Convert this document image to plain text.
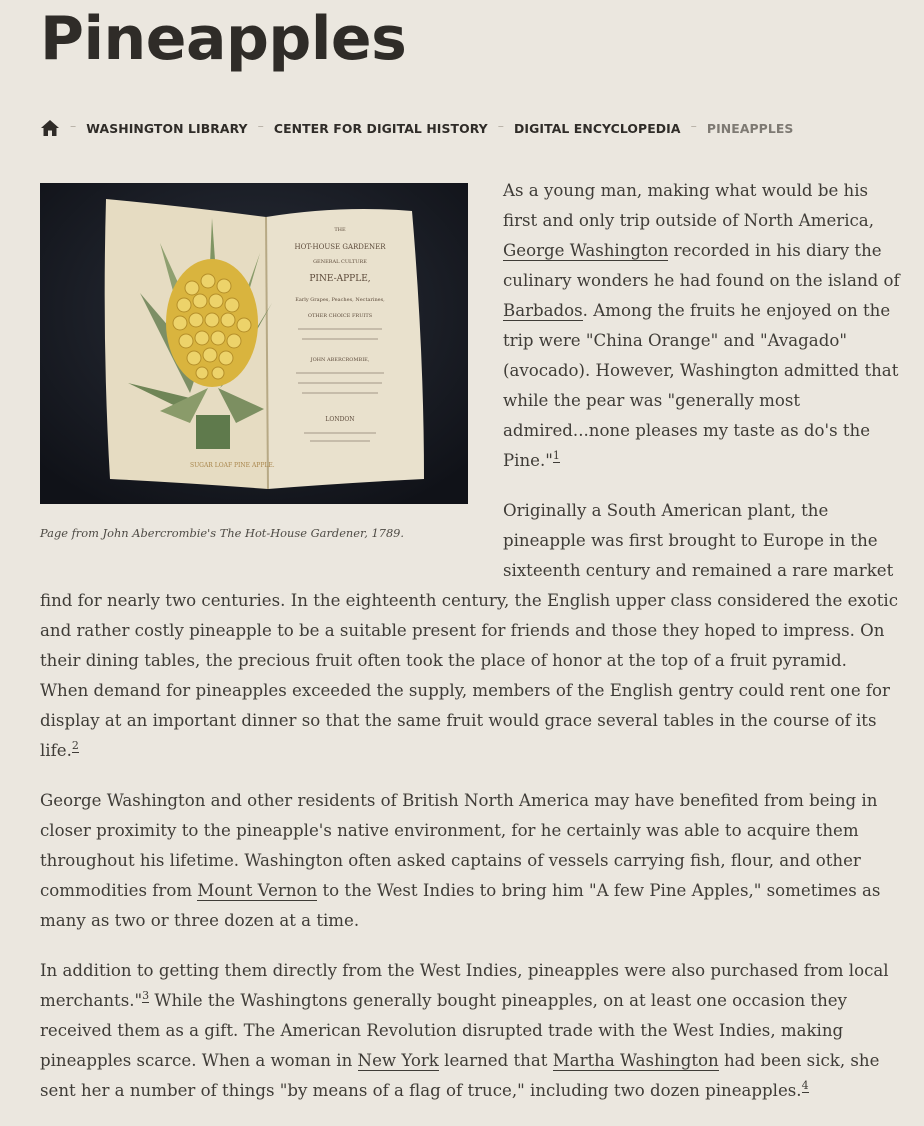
Pineapples
– WASHINGTON LIBRARY – CENTER FOR DIGITAL HISTORY – DIGITAL ENCYCLOPEDIA – PINEAPPLES
SUGAR LOAF PINE APPLE.
THE
HOT-HOUSE GARDENER
GENERAL CULTURE
PINE-APPLE,
Early Grapes, Peaches, Nectarines,
OTHER CHOICE FRUITS
JOHN ABERCROMBIE,
LONDON
Page from John Abercrombie's The Hot-House Gardener, 1789.

As a young man, making what would be his first and only trip outside of North America, George Washington recorded in his diary the culinary wonders he had found on the island of Barbados. Among the fruits he enjoyed on the trip were "China Orange" and "Avagado" (avocado). However, Washington admitted that while the pear was "generally most admired...none pleases my taste as do's the Pine."$^1$

Originally a South American plant, the pineapple was first brought to Europe in the sixteenth century and remained a rare market find for nearly two centuries. In the eighteenth century, the English upper class considered the exotic and rather costly pineapple to be a suitable present for friends and those they hoped to impress. On their dining tables, the precious fruit often took the place of honor at the top of a fruit pyramid. When demand for pineapples exceeded the supply, members of the English gentry could rent one for display at an important dinner so that the same fruit would grace several tables in the course of its life.$^2$

George Washington and other residents of British North America may have benefited from being in closer proximity to the pineapple's native environment, for he certainly was able to acquire them throughout his lifetime. Washington often asked captains of vessels carrying fish, flour, and other commodities from Mount Vernon to the West Indies to bring him "A few Pine Apples," sometimes as many as two or three dozen at a time.

In addition to getting them directly from the West Indies, pineapples were also purchased from local merchants."$^3$ While the Washingtons generally bought pineapples, on at least one occasion they received them as a gift. The American Revolution disrupted trade with the West Indies, making pineapples scarce. When a woman in New York learned that Martha Washington had been sick, she sent her a number of things "by means of a flag of truce," including two dozen pineapples.$^4$
